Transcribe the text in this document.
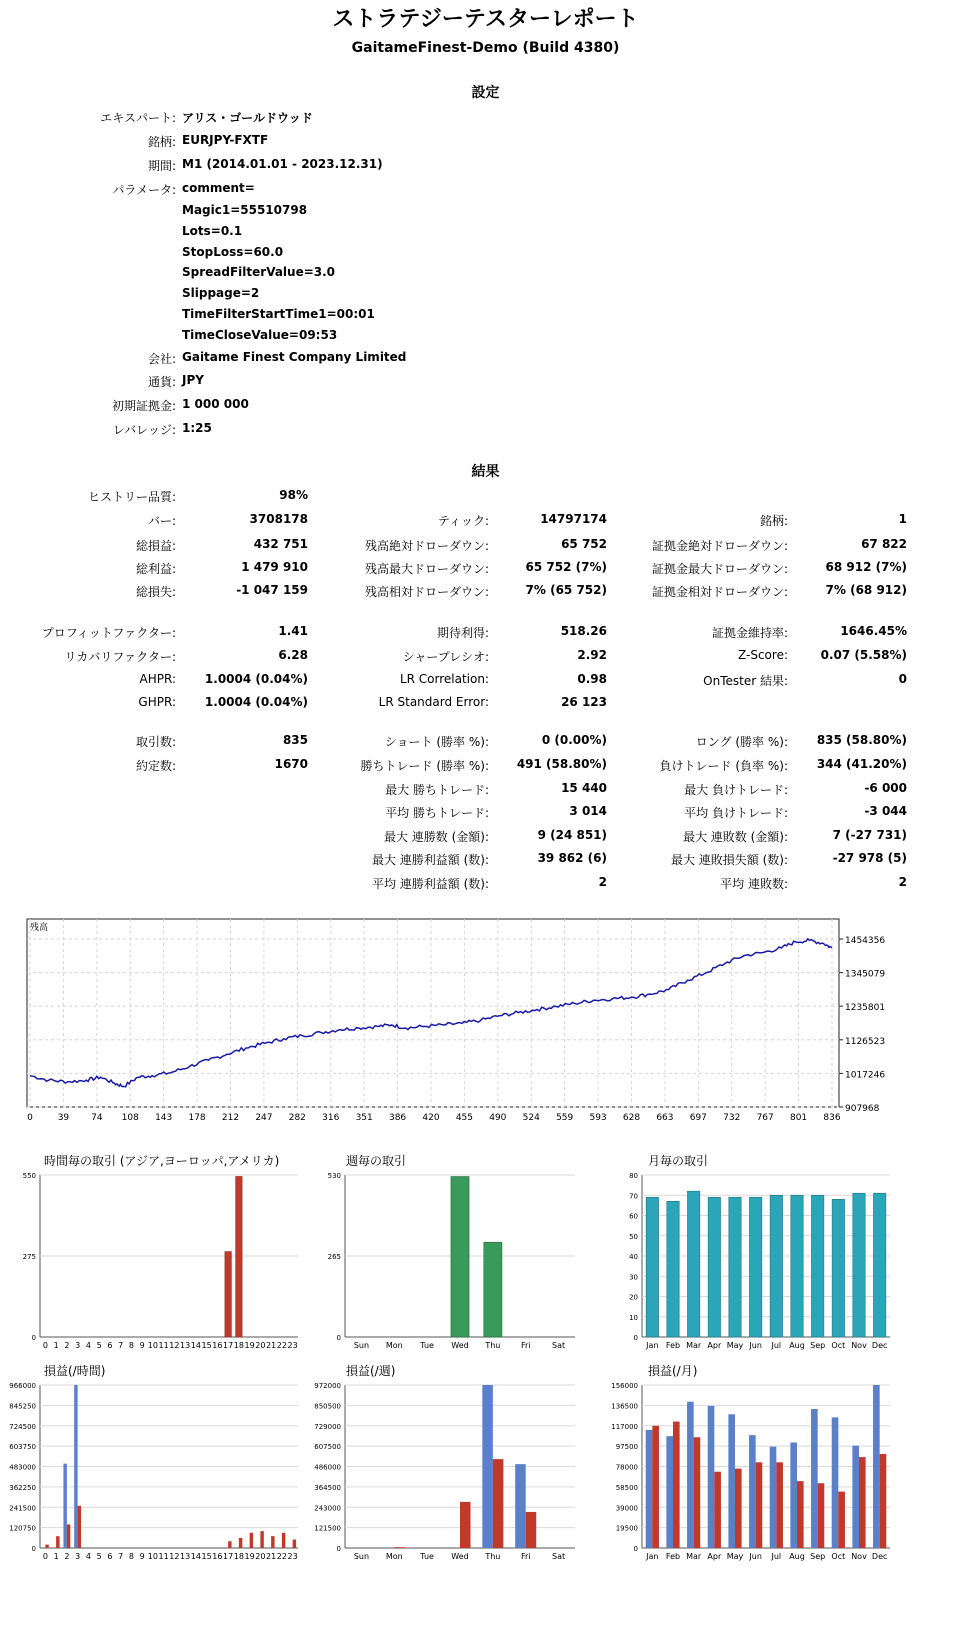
ストラテジーテスターレポート
GaitameFinest-Demo (Build 4380)
設定
エキスパート: アリス・ゴールドウッド
銘柄: EURJPY-FXTF
期間: M1 (2014.01.01 - 2023.12.31)
パラメータ: comment=
Magic1=55510798
Lots=0.1
StopLoss=60.0
SpreadFilterValue=3.0
Slippage=2
TimeFilterStartTime1=00:01
TimeCloseValue=09:53
会社: Gaitame Finest Company Limited
通貨: JPY
初期証拠金: 1 000 000
レバレッジ: 1:25
結果
ヒストリー品質:	98%
バー:	3708178	ティック:	14797174	銘柄:	1
総損益:	432 751	残高絶対ドローダウン:	65 752	証拠金絶対ドローダウン:	67 822
総利益:	1 479 910	残高最大ドローダウン:	65 752 (7%)	証拠金最大ドローダウン:	68 912 (7%)
総損失:	-1 047 159	残高相対ドローダウン:	7% (65 752)	証拠金相対ドローダウン:	7% (68 912)
プロフィットファクター:	1.41	期待利得:	518.26	証拠金維持率:	1646.45%
リカバリファクター:	6.28	シャープレシオ:	2.92	Z-Score:	0.07 (5.58%)
AHPR: 1.0004 (0.04%)	LR Correlation:	0.98	OnTester 結果:	0
GHPR: 1.0004 (0.04%)	LR Standard Error:	26 123
取引数:	835	ショート (勝率 %):	0 (0.00%)	ロング (勝率 %): 835 (58.80%)
約定数:	1670	勝ちトレード (勝率 %): 491 (58.80%)	負けトレード (負率 %): 344 (41.20%)
最大 勝ちトレード:	15 440	最大 負けトレード:	-6 000
平均 勝ちトレード:	3 014	平均 負けトレード:	-3 044
最大 連勝数 (金額):	9 (24 851)	最大 連敗数 (金額):	7 (-27 731)
最大 連勝利益額 (数):	39 862 (6)	最大 連敗損失額 (数):	-27 978 (5)
平均 連勝利益額 (数):	2	平均 連敗数:	2
0	39 74 108 143 178 212 247 282 316 351 386 420 455 490 524 559 593 628 663 697 732 767 801 836
1454356
1345079
1235801
1126523
1017246
907968
残高
時間毎の取引 (アジア,ヨーロッパ,アメリカ)
550
275
0
0 1 2 3 4 5 6 7 8 9 10 11 12 13 14 15 16 17 18 19 20 21 22 23
週毎の取引
530
265
0
Sun Mon Tue Wed Thu	Fri	Sat
月毎の取引
80
70
60
50
40
30
20
10
0
Jan Feb Mar Apr May Jun Jul Aug Sep Oct Nov Dec
損益(/時間)
966000
845250
724500
603750
483000
362250
241500
120750
0
0 1 2 3 4 5 6 7 8 9 10 11 12 13 14 15 16 17 18 19 20 21 22 23
損益(/週)
972000
850500
729000
607500
486000
364500
243000
121500
0
Sun Mon Tue Wed Thu	Fri	Sat
損益(/月)
156000
136500
117000
97500
78000
58500
39000
19500
0
Jan Feb Mar Apr May Jun Jul Aug Sep Oct Nov Dec
